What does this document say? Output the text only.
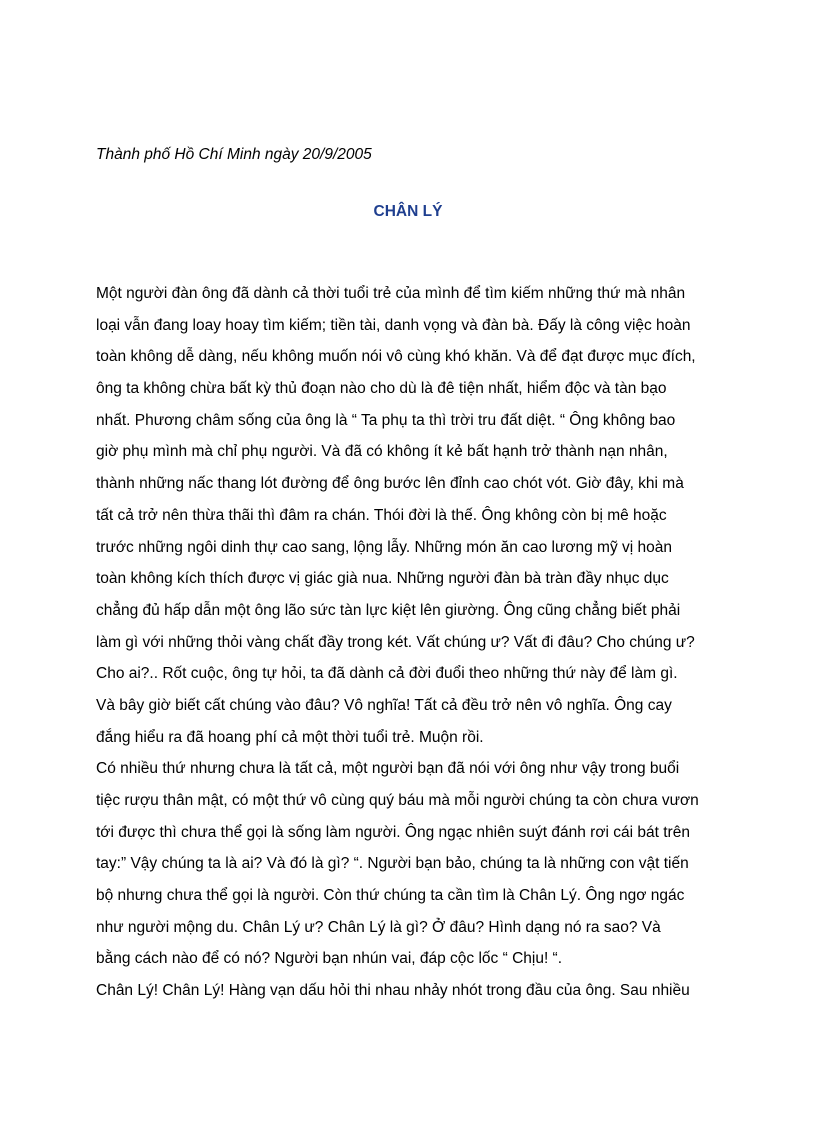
Thành phố Hồ Chí Minh ngày 20/9/2005
CHÂN LÝ
Một người đàn ông đã dành cả thời tuổi trẻ của mình để tìm kiếm những thứ mà nhân
loại vẫn đang loay hoay tìm kiếm; tiền tài, danh vọng và đàn bà. Đấy là công việc hoàn
toàn không dễ dàng, nếu không muốn nói vô cùng khó khăn. Và để đạt được mục đích,
ông ta không chừa bất kỳ thủ đoạn nào cho dù là đê tiện nhất, hiểm độc và tàn bạo
nhất. Phương châm sống của ông là “ Ta phụ ta thì trời tru đất diệt. “ Ông không bao
giờ phụ mình mà chỉ phụ người. Và đã có không ít kẻ bất hạnh trở thành nạn nhân,
thành những nấc thang lót đường để ông bước lên đỉnh cao chót vót. Giờ đây, khi mà
tất cả trở nên thừa thãi thì đâm ra chán. Thói đời là thế. Ông không còn bị mê hoặc
trước những ngôi dinh thự cao sang, lộng lẫy. Những món ăn cao lương mỹ vị hoàn
toàn không kích thích được vị giác già nua. Những người đàn bà tràn đầy nhục dục
chẳng đủ hấp dẫn một ông lão sức tàn lực kiệt lên giường. Ông cũng chẳng biết phải
làm gì với những thỏi vàng chất đầy trong két. Vất chúng ư? Vất đi đâu? Cho chúng ư?
Cho ai?.. Rốt cuộc, ông tự hỏi, ta đã dành cả đời đuổi theo những thứ này để làm gì.
Và bây giờ biết cất chúng vào đâu? Vô nghĩa! Tất cả đều trở nên vô nghĩa. Ông cay
đắng hiểu ra đã hoang phí cả một thời tuổi trẻ. Muộn rồi.
Có nhiều thứ nhưng chưa là tất cả, một người bạn đã nói với ông như vậy trong buổi
tiệc rượu thân mật, có một thứ vô cùng quý báu mà mỗi người chúng ta còn chưa vươn
tới được thì chưa thể gọi là sống làm người. Ông ngạc nhiên suýt đánh rơi cái bát trên
tay:” Vậy chúng ta là ai? Và đó là gì? “. Người bạn bảo, chúng ta là những con vật tiến
bộ nhưng chưa thể gọi là người. Còn thứ chúng ta cần tìm là Chân Lý. Ông ngơ ngác
như người mộng du. Chân Lý ư? Chân Lý là gì? Ở đâu? Hình dạng nó ra sao? Và
bằng cách nào để có nó? Người bạn nhún vai, đáp cộc lốc “ Chịu! “.
Chân Lý! Chân Lý! Hàng vạn dấu hỏi thi nhau nhảy nhót trong đầu của ông. Sau nhiều
